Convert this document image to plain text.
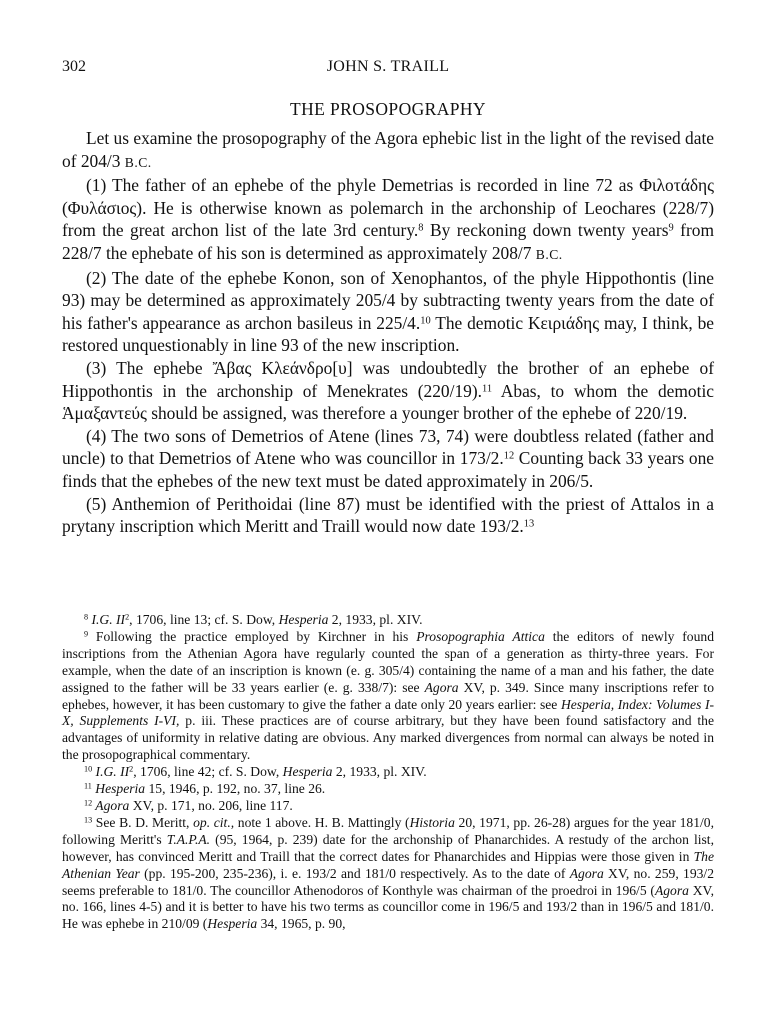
302	JOHN S. TRAILL
THE PROSOPOGRAPHY

Let us examine the prosopography of the Agora ephebic list in the light of the revised date of 204/3 B.C.

(1) The father of an ephebe of the phyle Demetrias is recorded in line 72 as Φιλοτάδης (Φυλάσιος). He is otherwise known as polemarch in the archonship of Leochares (228/7) from the great archon list of the late 3rd century.$^8$ By reckoning down twenty years$^9$ from 228/7 the ephebate of his son is determined as approximately 208/7 B.C.

(2) The date of the ephebe Konon, son of Xenophantos, of the phyle Hippothontis (line 93) may be determined as approximately 205/4 by subtracting twenty years from the date of his father's appearance as archon basileus in 225/4.10 The demotic Κειριάδης may, I think, be restored unquestionably in line 93 of the new inscription.

(3) The ephebe Ἄβας Κλεάνδρο[υ] was undoubtedly the brother of an ephebe of Hippothontis in the archonship of Menekrates (220/19).$^{11}$ Abas, to whom the demotic Ἁμαξαντεύς should be assigned, was therefore a younger brother of the ephebe of 220/19.

(4) The two sons of Demetrios of Atene (lines 73, 74) were doubtless related (father and uncle) to that Demetrios of Atene who was councillor in 173/2.12 Counting back 33 years one finds that the ephebes of the new text must be dated approximately in 206/5.

(5) Anthemion of Perithoidai (line 87) must be identified with the priest of Attalos in a prytany inscription which Meritt and Traill would now date 193/2.13

$^8$ I.G. $II^2$, 1706, line 13; cf. S. Dow, Hesperia 2, 1933, pl. XIV.

$^9$ Following the practice employed by Kirchner in his Prosopographia Attica the editors of newly found inscriptions from the Athenian Agora have regularly counted the span of a generation as thirty-three years. For example, when the date of an inscription is known (e. g. 305/4) containing the name of a man and his father, the date assigned to the father will be 33 years earlier (e. g. 338/7): see Agora XV, p. 349. Since many inscriptions refer to ephebes, however, it has been customary to give the father a date only 20 years earlier: see Hesperia, Index: Volumes I-X, Supplements I-VI, p. iii. These practices are of course arbitrary, but they have been found satisfactory and the advantages of uniformity in relative dating are obvious. Any marked divergences from normal can always be noted in the prosopographical commentary.

$^{10}$ I.G. $II^2$, 1706, line 42; cf. S. Dow, Hesperia 2, 1933, pl. XIV.

$^{11}$ Hesperia 15, 1946, p. 192, no. 37, line 26.

$^{12}$ Agora XV, p. 171, no. 206, line 117.

$^{13}$ See B. D. Meritt, op. cit., note 1 above. H. B. Mattingly (Historia 20, 1971, pp. 26-28) argues for the year 181/0, following Meritt's T.A.P.A. (95, 1964, p. 239) date for the archonship of Phanarchides. A restudy of the archon list, however, has convinced Meritt and Traill that the correct dates for Phanarchides and Hippias were those given in The Athenian Year (pp. 195-200, 235-236), i. e. 193/2 and 181/0 respectively. As to the date of Agora XV, no. 259, 193/2 seems preferable to 181/0. The councillor Athenodoros of Konthyle was chairman of the proedroi in 196/5 (Agora XV, no. 166, lines 4-5) and it is better to have his two terms as councillor come in 196/5 and 193/2 than in 196/5 and 181/0. He was ephebe in 210/09 (Hesperia 34, 1965, p. 90,
